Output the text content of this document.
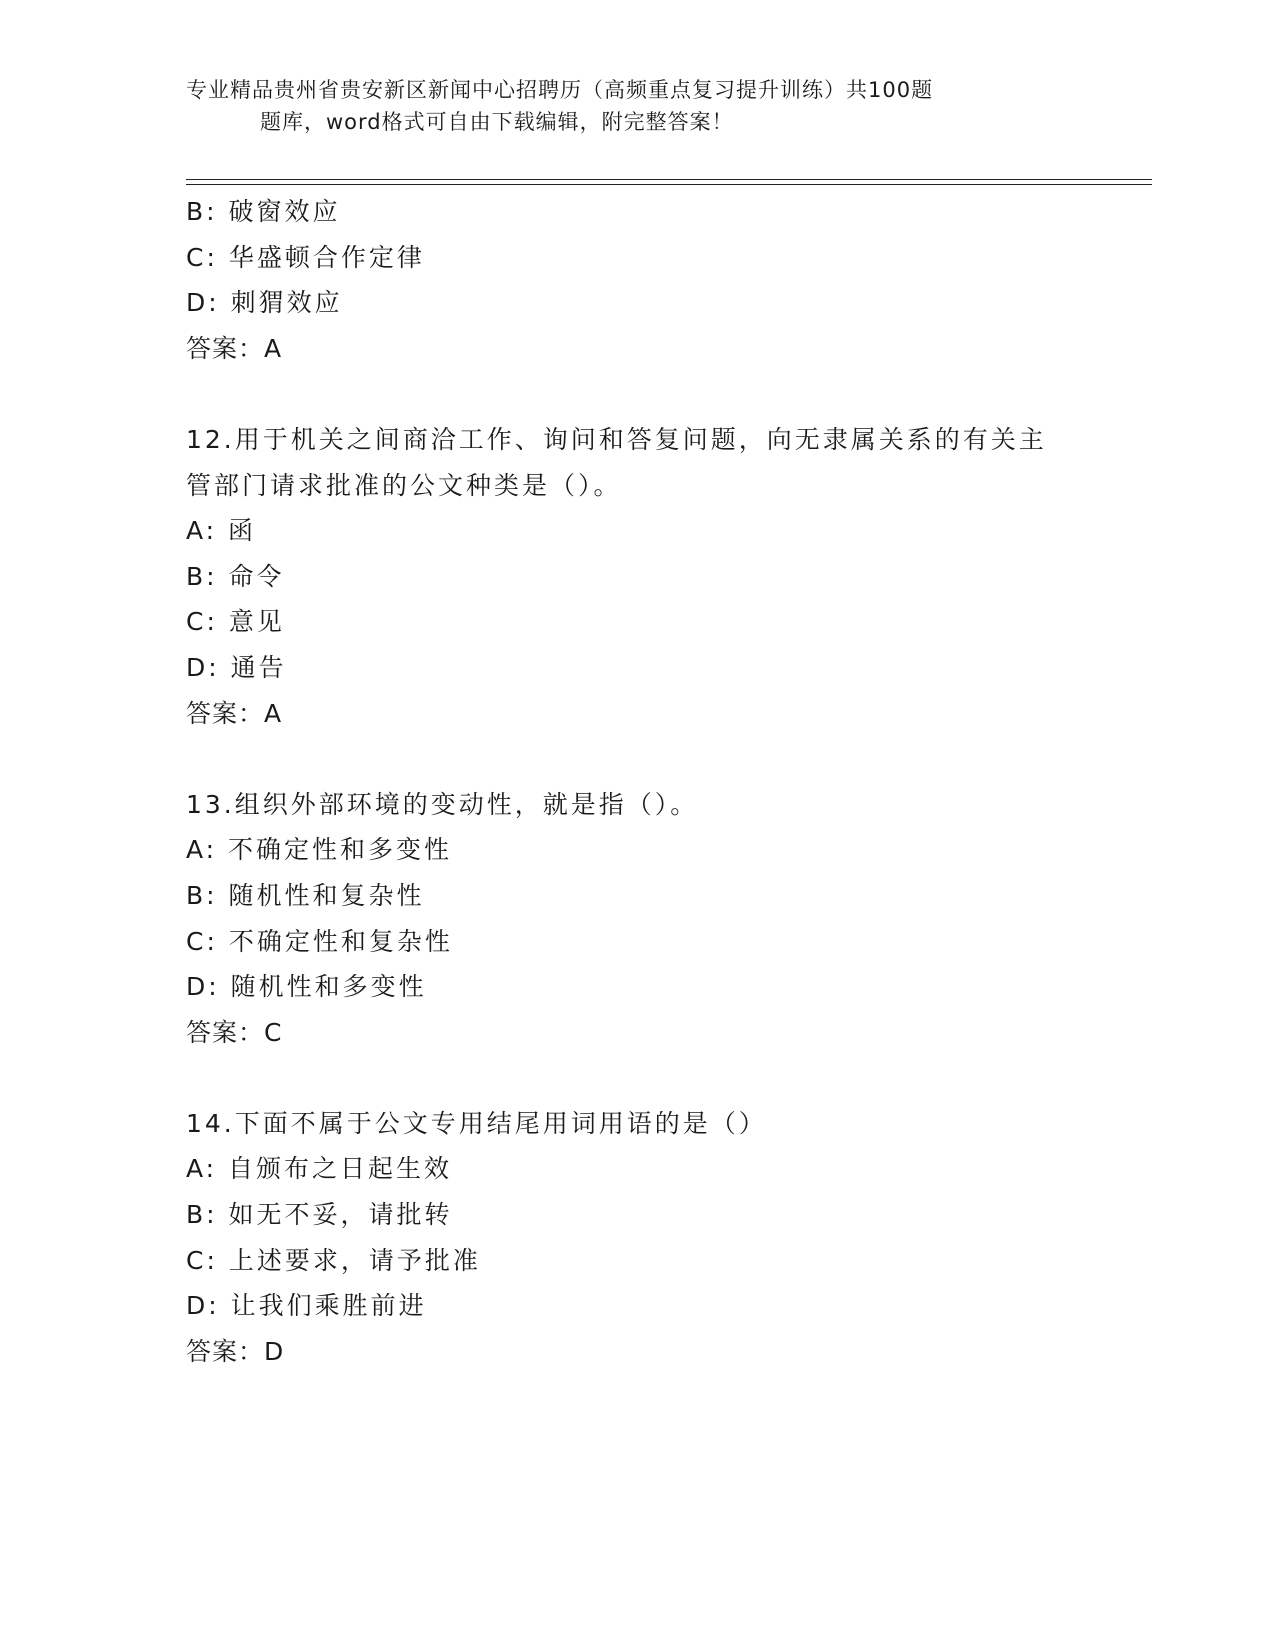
专业精品贵州省贵安新区新闻中心招聘历（高频重点复习提升训练）共100题
题库，word格式可自由下载编辑，附完整答案！
B: 破窗效应
C: 华盛顿合作定律
D: 刺猬效应
答案：A
12.用于机关之间商洽工作、询问和答复问题，向无隶属关系的有关主
管部门请求批准的公文种类是（）。
A: 函
B: 命令
C: 意见
D: 通告
答案：A
13.组织外部环境的变动性，就是指（）。
A: 不确定性和多变性
B: 随机性和复杂性
C: 不确定性和复杂性
D: 随机性和多变性
答案：C
14.下面不属于公文专用结尾用词用语的是（）
A: 自颁布之日起生效
B: 如无不妥，请批转
C: 上述要求，请予批准
D: 让我们乘胜前进
答案：D
